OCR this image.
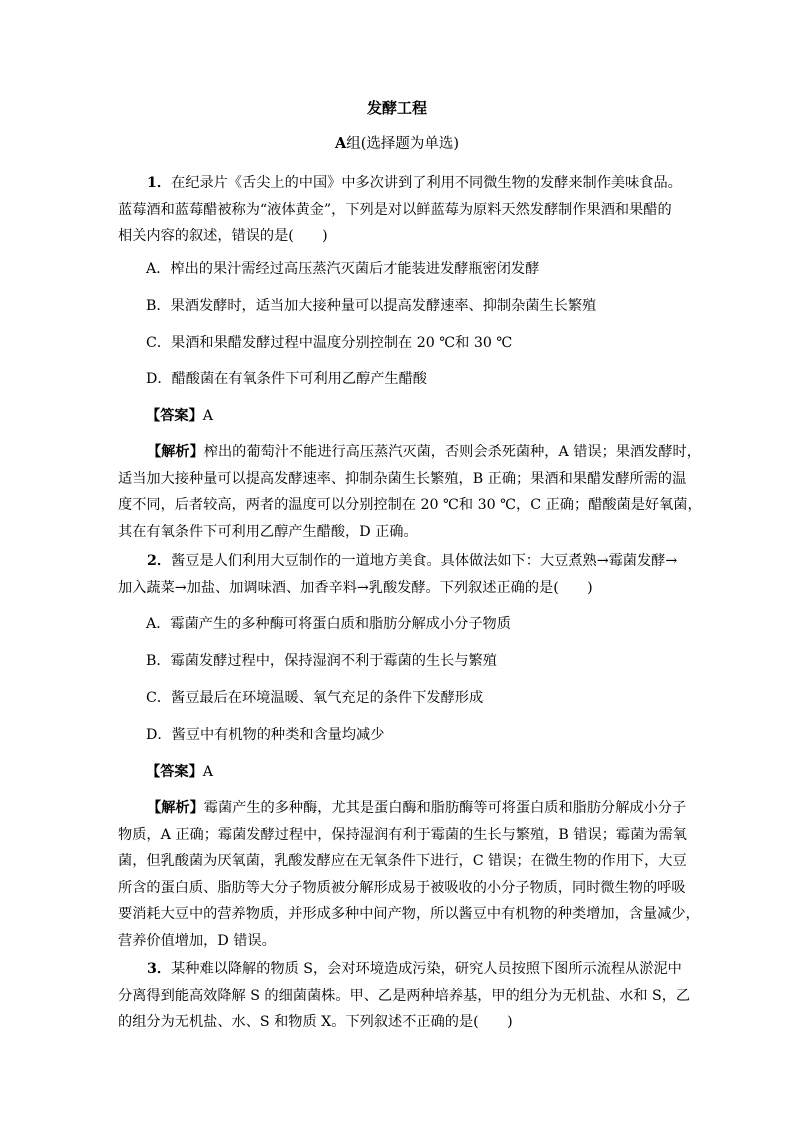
发酵工程
A组(选择题为单选)
1．在纪录片《舌尖上的中国》中多次讲到了利用不同微生物的发酵来制作美味食品。
蓝莓酒和蓝莓醋被称为“液体黄金”，下列是对以鲜蓝莓为原料天然发酵制作果酒和果醋的
相关内容的叙述，错误的是(　　)
A．榨出的果汁需经过高压蒸汽灭菌后才能装进发酵瓶密闭发酵
B．果酒发酵时，适当加大接种量可以提高发酵速率、抑制杂菌生长繁殖
C．果酒和果醋发酵过程中温度分别控制在 20 ℃和 30 ℃
D．醋酸菌在有氧条件下可利用乙醇产生醋酸
【答案】A
【解析】榨出的葡萄汁不能进行高压蒸汽灭菌，否则会杀死菌种，A 错误；果酒发酵时，
适当加大接种量可以提高发酵速率、抑制杂菌生长繁殖，B 正确；果酒和果醋发酵所需的温
度不同，后者较高，两者的温度可以分别控制在 20 ℃和 30 ℃，C 正确；醋酸菌是好氧菌，
其在有氧条件下可利用乙醇产生醋酸，D 正确。
2．酱豆是人们利用大豆制作的一道地方美食。具体做法如下：大豆煮熟→霉菌发酵→
加入蔬菜→加盐、加调味酒、加香辛料→乳酸发酵。下列叙述正确的是(　　)
A．霉菌产生的多种酶可将蛋白质和脂肪分解成小分子物质
B．霉菌发酵过程中，保持湿润不利于霉菌的生长与繁殖
C．酱豆最后在环境温暖、氧气充足的条件下发酵形成
D．酱豆中有机物的种类和含量均减少
【答案】A
【解析】霉菌产生的多种酶，尤其是蛋白酶和脂肪酶等可将蛋白质和脂肪分解成小分子
物质，A 正确；霉菌发酵过程中，保持湿润有利于霉菌的生长与繁殖，B 错误；霉菌为需氧
菌，但乳酸菌为厌氧菌，乳酸发酵应在无氧条件下进行，C 错误；在微生物的作用下，大豆
所含的蛋白质、脂肪等大分子物质被分解形成易于被吸收的小分子物质，同时微生物的呼吸
要消耗大豆中的营养物质，并形成多种中间产物，所以酱豆中有机物的种类增加，含量减少，
营养价值增加，D 错误。
3．某种难以降解的物质 S，会对环境造成污染，研究人员按照下图所示流程从淤泥中
分离得到能高效降解 S 的细菌菌株。甲、乙是两种培养基，甲的组分为无机盐、水和 S，乙
的组分为无机盐、水、S 和物质 X。下列叙述不正确的是(　　)
